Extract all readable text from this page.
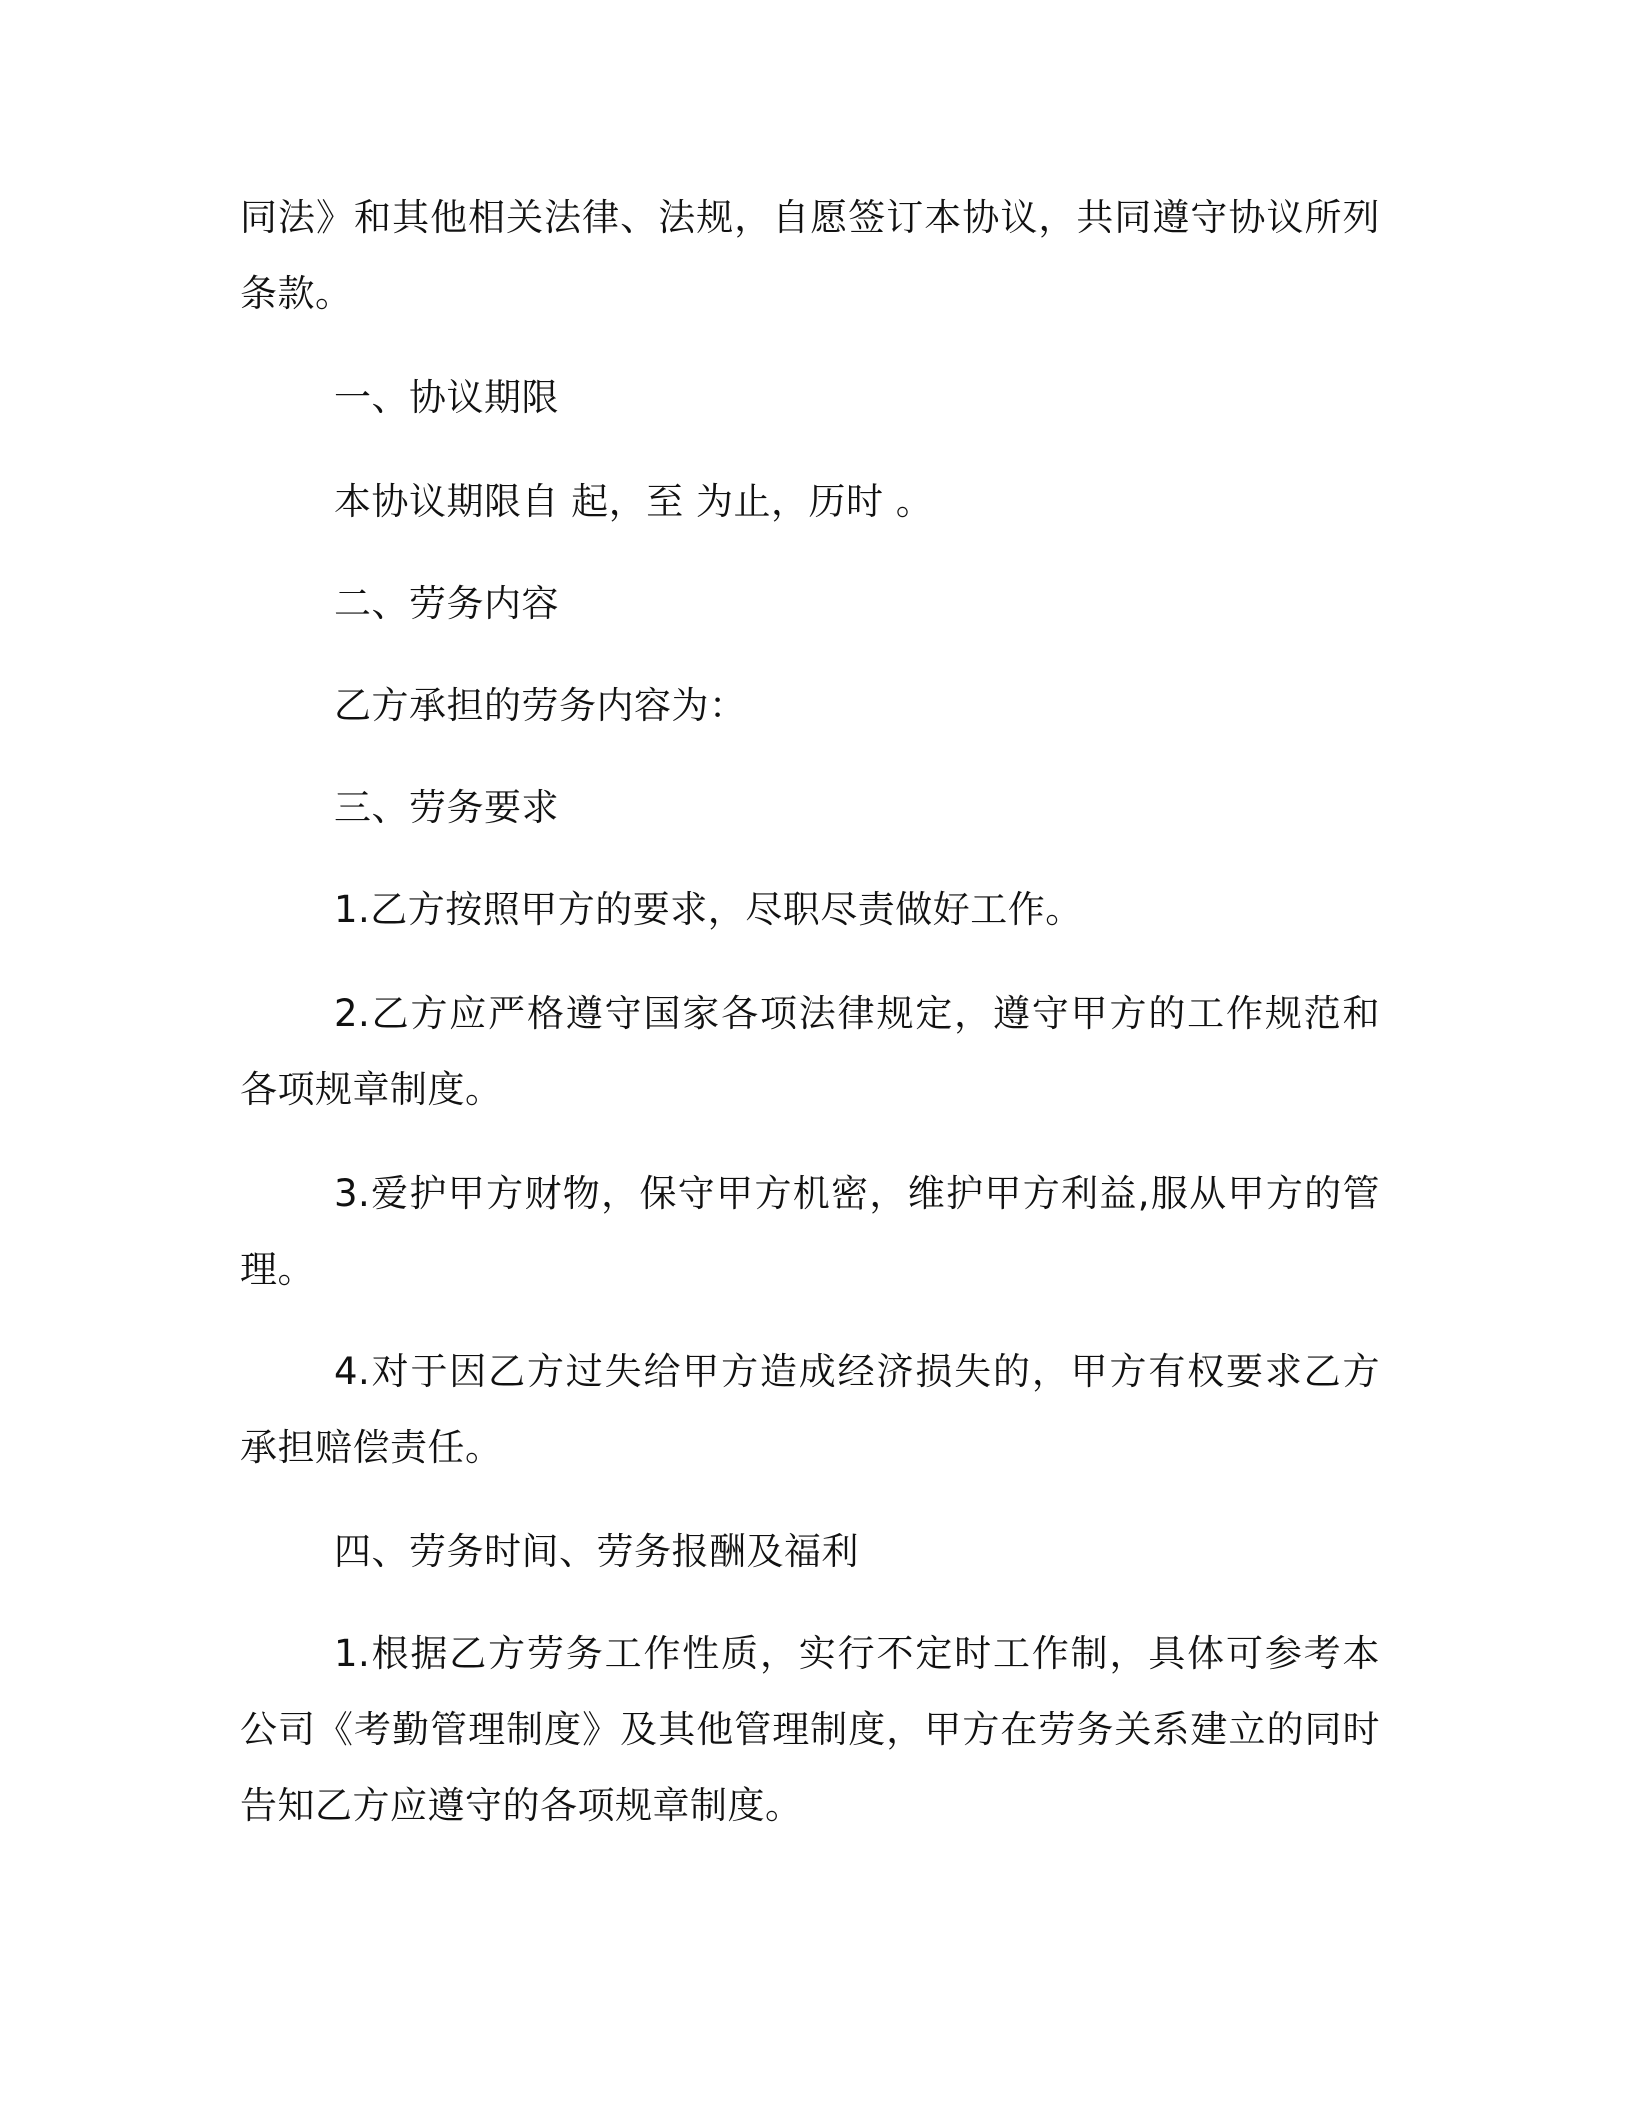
同法》和其他相关法律、法规，自愿签订本协议，共同遵守协议所列条款。

一、协议期限

本协议期限自 起，至 为止，历时 。

二、劳务内容

乙方承担的劳务内容为：

三、劳务要求

1.乙方按照甲方的要求，尽职尽责做好工作。

2.乙方应严格遵守国家各项法律规定，遵守甲方的工作规范和各项规章制度。

3.爱护甲方财物，保守甲方机密，维护甲方利益,服从甲方的管理。

4.对于因乙方过失给甲方造成经济损失的，甲方有权要求乙方承担赔偿责任。

四、劳务时间、劳务报酬及福利

1.根据乙方劳务工作性质，实行不定时工作制，具体可参考本公司《考勤管理制度》及其他管理制度，甲方在劳务关系建立的同时告知乙方应遵守的各项规章制度。
